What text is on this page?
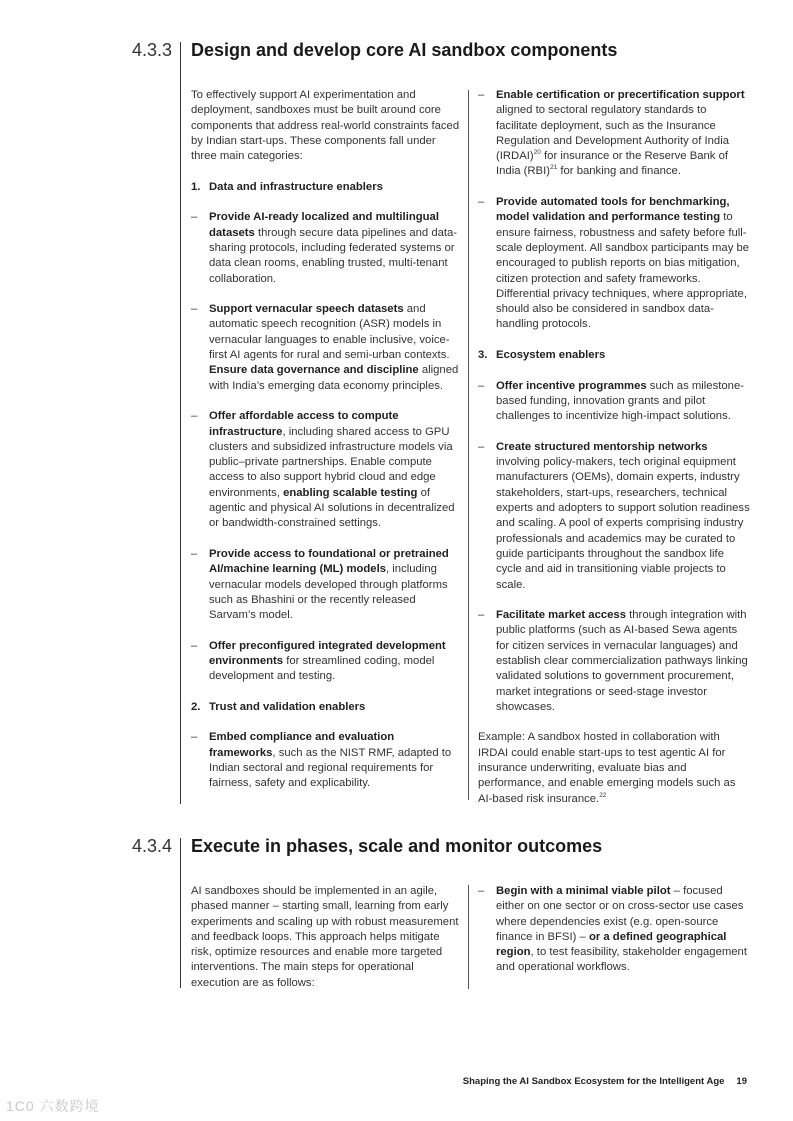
4.3.3 Design and develop core AI sandbox components

To effectively support AI experimentation and deployment, sandboxes must be built around core components that address real-world constraints faced by Indian start-ups. These components fall under three main categories:

1. Data and infrastructure enablers
– Provide AI-ready localized and multilingual datasets through secure data pipelines and data-sharing protocols, including federated systems or data clean rooms, enabling trusted, multi-tenant collaboration.
– Support vernacular speech datasets and automatic speech recognition (ASR) models in vernacular languages to enable inclusive, voice-first AI agents for rural and semi-urban contexts. Ensure data governance and discipline aligned with India’s emerging data economy principles.
– Offer affordable access to compute infrastructure, including shared access to GPU clusters and subsidized infrastructure models via public–private partnerships. Enable compute access to also support hybrid cloud and edge environments, enabling scalable testing of agentic and physical AI solutions in decentralized or bandwidth-constrained settings.
– Provide access to foundational or pretrained AI/machine learning (ML) models, including vernacular models developed through platforms such as Bhashini or the recently released Sarvam’s model.
– Offer preconfigured integrated development environments for streamlined coding, model development and testing.
2. Trust and validation enablers
– Embed compliance and evaluation frameworks, such as the NIST RMF, adapted to Indian sectoral and regional requirements for fairness, safety and explicability.
– Enable certification or precertification support aligned to sectoral regulatory standards to facilitate deployment, such as the Insurance Regulation and Development Authority of India (IRDAI)$^{20}$ for insurance or the Reserve Bank of India (RBI)$^{21}$ for banking and finance.
– Provide automated tools for benchmarking, model validation and performance testing to ensure fairness, robustness and safety before full-scale deployment. All sandbox participants may be encouraged to publish reports on bias mitigation, citizen protection and safety frameworks. Differential privacy techniques, where appropriate, should also be considered in sandbox data-handling protocols.
3. Ecosystem enablers
– Offer incentive programmes such as milestone-based funding, innovation grants and pilot challenges to incentivize high-impact solutions.
– Create structured mentorship networks involving policy-makers, tech original equipment manufacturers (OEMs), domain experts, industry stakeholders, start-ups, researchers, technical experts and adopters to support solution readiness and scaling. A pool of experts comprising industry professionals and academics may be curated to guide participants throughout the sandbox life cycle and aid in transitioning viable projects to scale.
– Facilitate market access through integration with public platforms (such as AI-based Sewa agents for citizen services in vernacular languages) and establish clear commercialization pathways linking validated solutions to government procurement, market integrations or seed-stage investor showcases.

Example: A sandbox hosted in collaboration with IRDAI could enable start-ups to test agentic AI for insurance underwriting, evaluate bias and performance, and enable emerging models such as AI-based risk insurance.$^{22}$

4.3.4 Execute in phases, scale and monitor outcomes

AI sandboxes should be implemented in an agile, phased manner – starting small, learning from early experiments and scaling up with robust measurement and feedback loops. This approach helps mitigate risk, optimize resources and enable more targeted interventions. The main steps for operational execution are as follows:

– Begin with a minimal viable pilot – focused either on one sector or on cross-sector use cases where dependencies exist (e.g. open-source finance in BFSI) – or a defined geographical region, to test feasibility, stakeholder engagement and operational workflows.
Shaping the AI Sandbox Ecosystem for the Intelligent Age 19
1C0 六数跨境
